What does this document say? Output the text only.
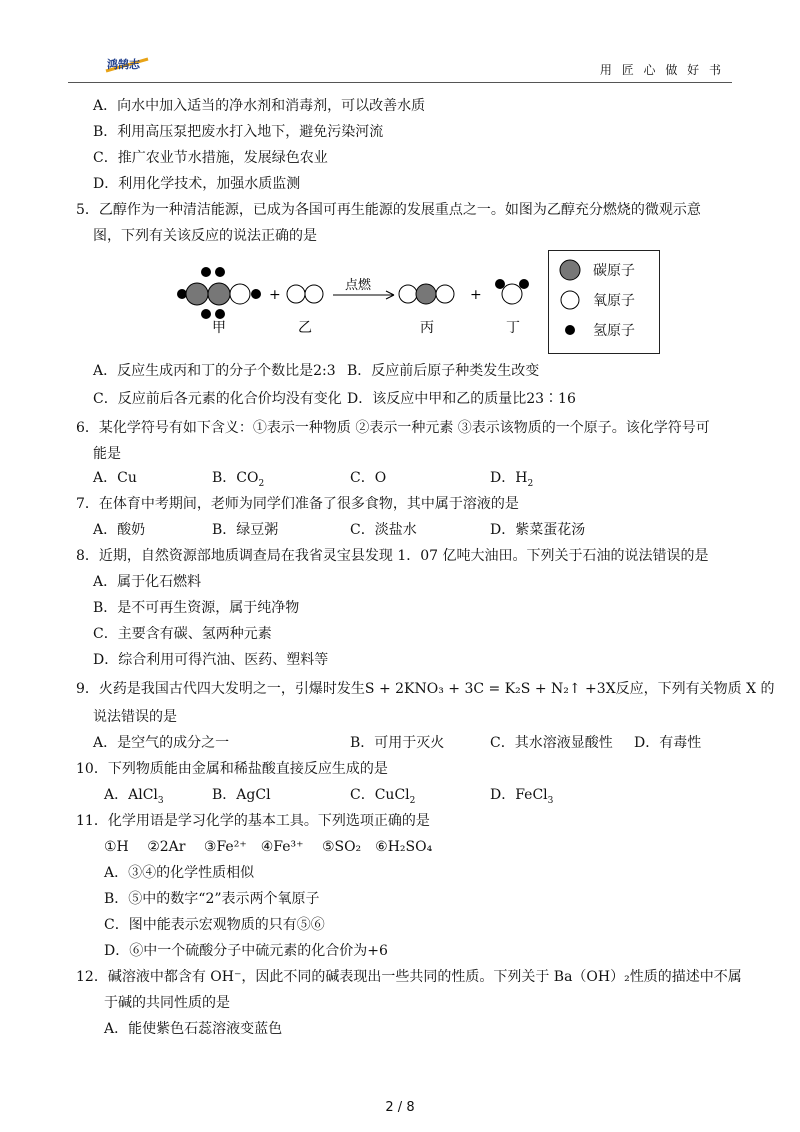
鸿鹄志	用 匠 心 做 好 书
A．向水中加入适当的净水剂和消毒剂，可以改善水质
B．利用高压泵把废水打入地下，避免污染河流
C．推广农业节水措施，发展绿色农业
D．利用化学技术，加强水质监测
5．乙醇作为一种清洁能源，已成为各国可再生能源的发展重点之一。如图为乙醇充分燃烧的微观示意
图，下列有关该反应的说法正确的是
+
点燃
+
甲	乙	丙	丁
碳原子
氧原子
氢原子
A．反应生成丙和丁的分子个数比是2:3 B．反应前后原子种类发生改变
C．反应前后各元素的化合价均没有变化 D．该反应中甲和乙的质量比23∶16
6．某化学符号有如下含义：①表示一种物质 ②表示一种元素 ③表示该物质的一个原子。该化学符号可
能是
A．Cu	B．$CO_2$	C．O	D．$H_2$
7．在体育中考期间，老师为同学们准备了很多食物，其中属于溶液的是
A．酸奶	B．绿豆粥	C．淡盐水	D．紫菜蛋花汤
8．近期，自然资源部地质调查局在我省灵宝县发现 1．07 亿吨大油田。下列关于石油的说法错误的是
A．属于化石燃料
B．是不可再生资源，属于纯净物
C．主要含有碳、氢两种元素
D．综合利用可得汽油、医药、塑料等
9．火药是我国古代四大发明之一，引爆时发生S + 2KNO₃ + 3C = K₂S + N₂↑ +3X反应，下列有关物质 X 的
说法错误的是
A．是空气的成分之一	B．可用于灭火	C．其水溶液显酸性 D．有毒性
10．下列物质能由金属和稀盐酸直接反应生成的是
A．AlCl$_3$	B．AgCl	C．CuCl$_2$	D．FeCl$_3$
11．化学用语是学习化学的基本工具。下列选项正确的是
①H　 ②2Ar　 ③Fe²⁺　④Fe³⁺　 ⑤SO₂　⑥H₂SO₄
A．③④的化学性质相似
B．⑤中的数字“2”表示两个氧原子
C．图中能表示宏观物质的只有⑤⑥
D．⑥中一个硫酸分子中硫元素的化合价为+6
12．碱溶液中都含有 OH⁻，因此不同的碱表现出一些共同的性质。下列关于 Ba（OH）₂性质的描述中不属
于碱的共同性质的是
A．能使紫色石蕊溶液变蓝色
2 / 8
